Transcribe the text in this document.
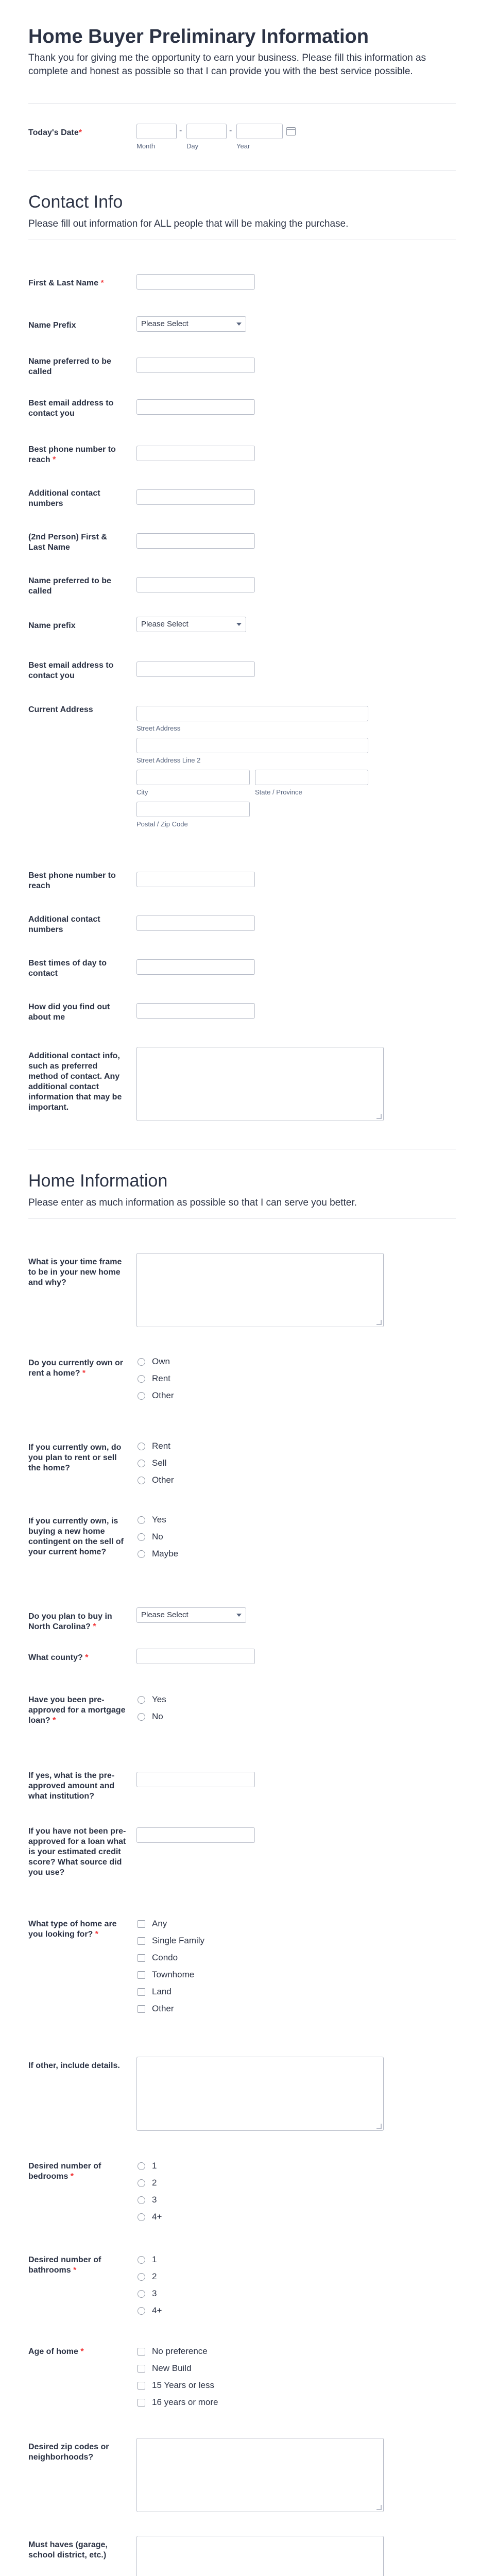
Home Buyer Preliminary Information
Thank you for giving me the opportunity to earn your business. Please fill this information as complete and honest as possible so that I can provide you with the best service possible.
Today's Date*	-	-
Month	Day	Year
Contact Info
Please fill out information for ALL people that will be making the purchase.
First & Last Name *
Name Prefix	Please Select
Name preferred to be called
Best email address to contact you
Best phone number to reach *
Additional contact numbers
(2nd Person) First & Last Name
Name preferred to be called
Name prefix	Please Select
Best email address to contact you
Current Address
Street Address
Street Address Line 2
City	State / Province
Postal / Zip Code
Best phone number to reach
Additional contact numbers
Best times of day to contact
How did you find out about me
Additional contact info, such as preferred method of contact. Any additional contact information that may be important.
Home Information
Please enter as much information as possible so that I can serve you better.
What is your time frame to be in your new home and why?
Do you currently own or rent a home? *
Own
Rent
Other
If you currently own, do you plan to rent or sell the home?
Rent
Sell
Other
If you currently own, is buying a new home contingent on the sell of your current home?
Yes
No
Maybe
Do you plan to buy in North Carolina? *
Please Select
What county? *
Have you been pre-approved for a mortgage loan? *
Yes
No
If yes, what is the pre-approved amount and what institution?
If you have not been pre-approved for a loan what is your estimated credit score? What source did you use?
What type of home are you looking for? *
Any
Single Family
Condo
Townhome
Land
Other
If other, include details.
Desired number of bedrooms *
1
2
3
4+
Desired number of bathrooms *
1
2
3
4+
Age of home *	No preference
New Build
15 Years or less
16 years or more
Desired zip codes or neighborhoods?
Must haves (garage, school district, etc.)
